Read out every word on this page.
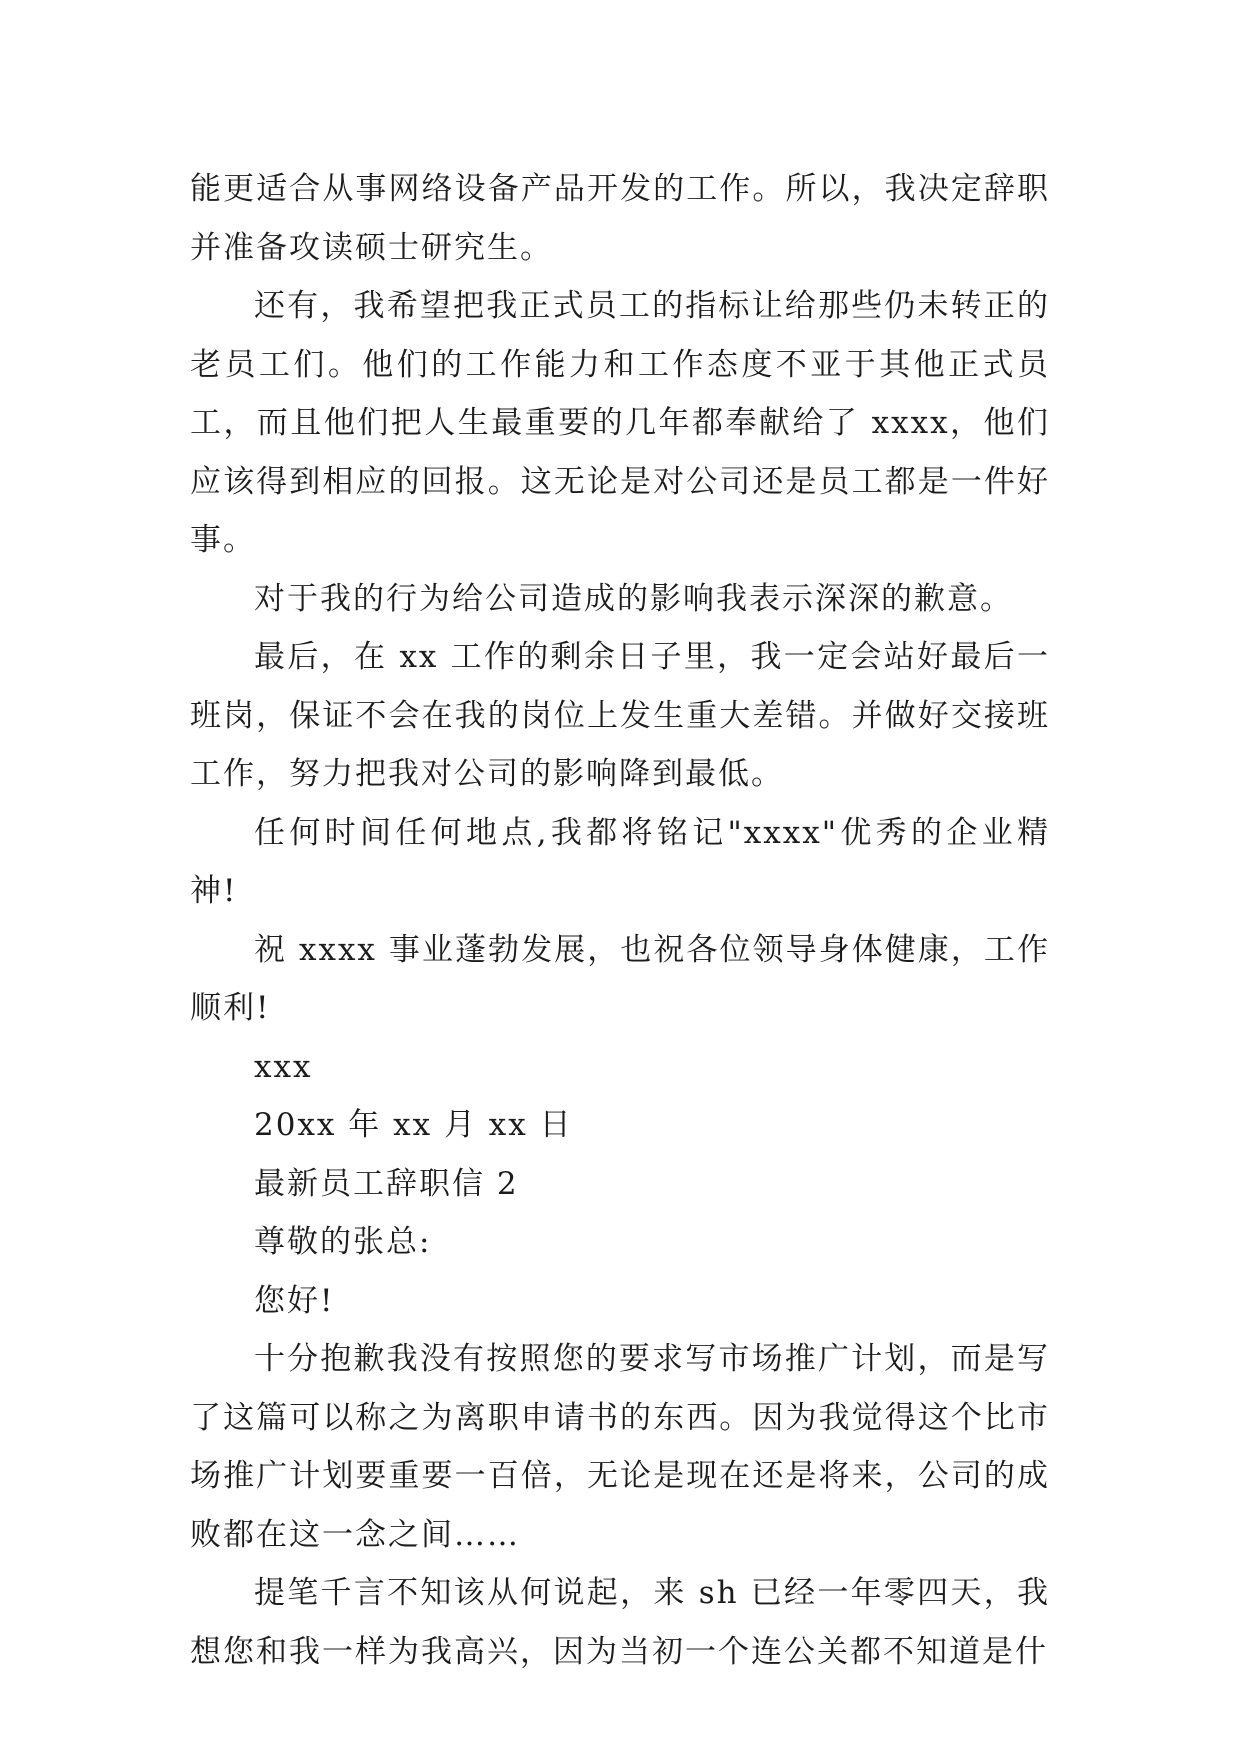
能更适合从事网络设备产品开发的工作。所以，我决定辞职并准备攻读硕士研究生。

还有，我希望把我正式员工的指标让给那些仍未转正的老员工们。他们的工作能力和工作态度不亚于其他正式员工，而且他们把人生最重要的几年都奉献给了 xxxx，他们应该得到相应的回报。这无论是对公司还是员工都是一件好事。

对于我的行为给公司造成的影响我表示深深的歉意。

最后，在 xx 工作的剩余日子里，我一定会站好最后一班岗，保证不会在我的岗位上发生重大差错。并做好交接班工作，努力把我对公司的影响降到最低。

任何时间任何地点,我都将铭记"xxxx"优秀的企业精神!

祝 xxxx 事业蓬勃发展，也祝各位领导身体健康，工作顺利!

xxx

20xx 年 xx 月 xx 日

最新员工辞职信 2

尊敬的张总:

您好!

十分抱歉我没有按照您的要求写市场推广计划，而是写了这篇可以称之为离职申请书的东西。因为我觉得这个比市场推广计划要重要一百倍，无论是现在还是将来，公司的成败都在这一念之间……

提笔千言不知该从何说起，来 sh 已经一年零四天，我想您和我一样为我高兴，因为当初一个连公关都不知道是什
